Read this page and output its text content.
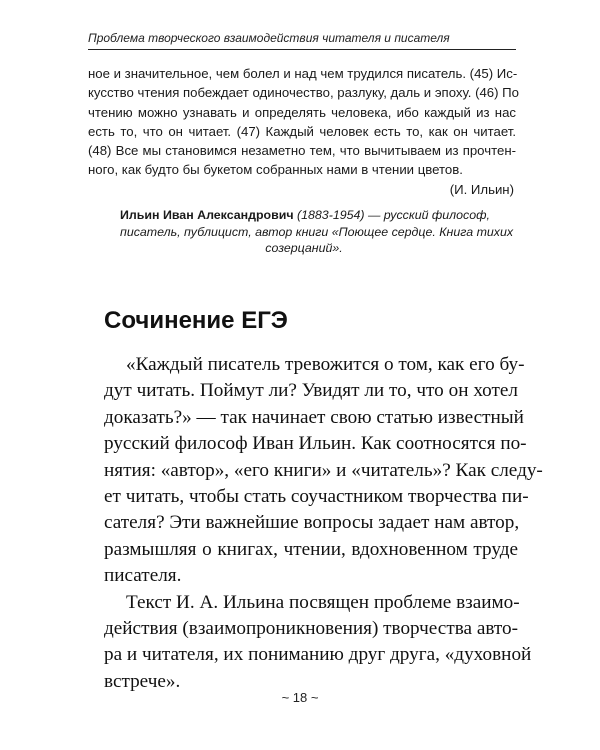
Проблема творческого взаимодействия читателя и писателя
ное и значительное, чем болел и над чем трудился писатель. (45) Ис-
кусство чтения побеждает одиночество, разлуку, даль и эпоху. (46) По
чтению можно узнавать и определять человека, ибо каждый из нас
есть то, что он читает. (47) Каждый человек есть то, как он читает.
(48) Все мы становимся незаметно тем, что вычитываем из прочтен-
ного, как будто бы букетом собранных нами в чтении цветов.
(И. Ильин)
Ильин Иван Александрович (1883-1954) — русский философ,
писатель, публицист, автор книги «Поющее сердце. Книга тихих
созерцаний».
Сочинение ЕГЭ
«Каждый писатель тревожится о том, как его бу-
дут читать. Поймут ли? Увидят ли то, что он хотел
доказать?» — так начинает свою статью известный
русский философ Иван Ильин. Как соотносятся по-
нятия: «автор», «его книги» и «читатель»? Как следу-
ет читать, чтобы стать соучастником творчества пи-
сателя? Эти важнейшие вопросы задает нам автор,
размышляя о книгах, чтении, вдохновенном труде
писателя.
Текст И. А. Ильина посвящен проблеме взаимо-
действия (взаимопроникновения) творчества авто-
ра и читателя, их пониманию друг друга, «духовной
встрече».
~ 18 ~
